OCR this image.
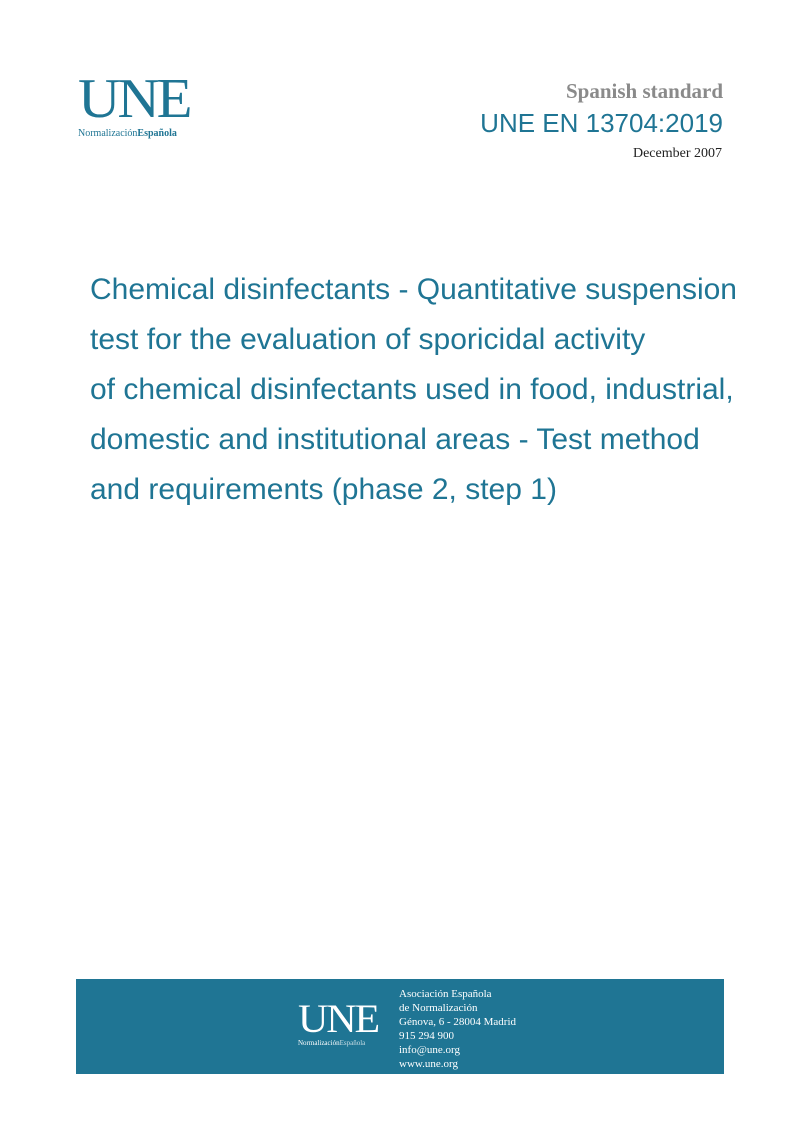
UNE
NormalizaciónEspañola
Spanish standard
UNE EN 13704:2019
December 2007
Chemical disinfectants - Quantitative suspension
test for the evaluation of sporicidal activity
of chemical disinfectants used in food, industrial,
domestic and institutional areas - Test method
and requirements (phase 2, step 1)
UNE
NormalizaciónEspañola
Asociación Española
de Normalización
Génova, 6 - 28004 Madrid
915 294 900
info@une.org
www.une.org
